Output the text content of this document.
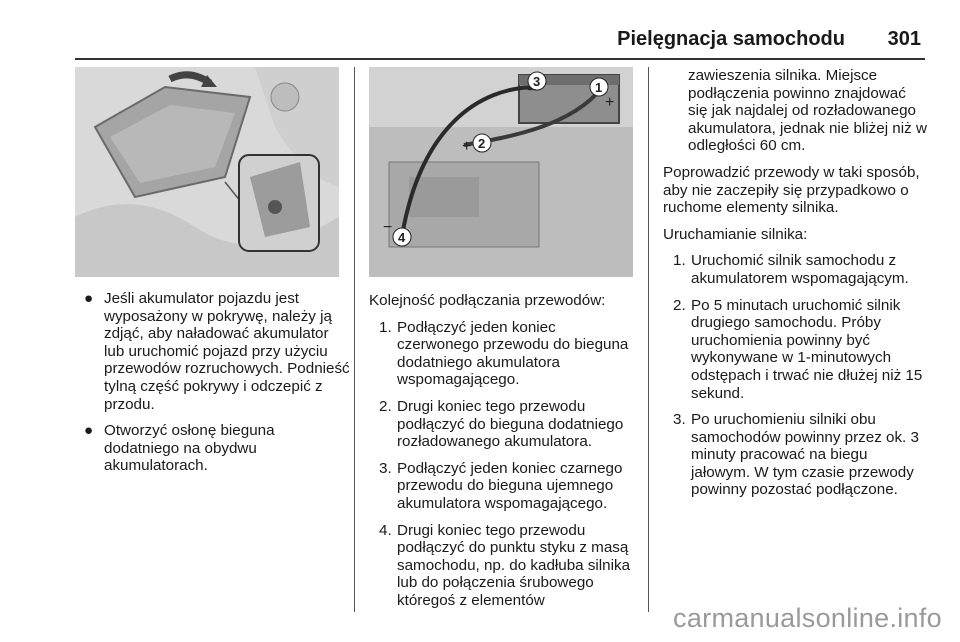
Pielęgnacja samochodu 301
1
2
3
4
+
+
−
−
● Jeśli akumulator pojazdu jest wyposażony w pokrywę, należy ją zdjąć, aby naładować akumulator lub uruchomić pojazd przy użyciu przewodów rozruchowych. Podnieść tylną część pokrywy i odczepić z przodu.
● Otworzyć osłonę bieguna dodatniego na obydwu akumulatorach.

Kolejność podłączania przewodów:

1. Podłączyć jeden koniec czerwonego przewodu do bieguna dodatniego akumulatora wspomagającego.
2. Drugi koniec tego przewodu podłączyć do bieguna dodatniego rozładowanego akumulatora.
3. Podłączyć jeden koniec czarnego przewodu do bieguna ujemnego akumulatora wspomagającego.
4. Drugi koniec tego przewodu podłączyć do punktu styku z masą samochodu, np. do kadłuba silnika lub do połączenia śrubowego któregoś z elementów

zawieszenia silnika. Miejsce podłączenia powinno znajdować się jak najdalej od rozładowanego akumulatora, jednak nie bliżej niż w odległości 60 cm.

Poprowadzić przewody w taki sposób, aby nie zaczepiły się przypadkowo o ruchome elementy silnika.

Uruchamianie silnika:

1. Uruchomić silnik samochodu z akumulatorem wspomagającym.
2. Po 5 minutach uruchomić silnik drugiego samochodu. Próby uruchomienia powinny być wykonywane w 1-minutowych odstępach i trwać nie dłużej niż 15 sekund.
3. Po uruchomieniu silniki obu samochodów powinny przez ok. 3 minuty pracować na biegu jałowym. W tym czasie przewody powinny pozostać podłączone.
carmanualsonline.info
